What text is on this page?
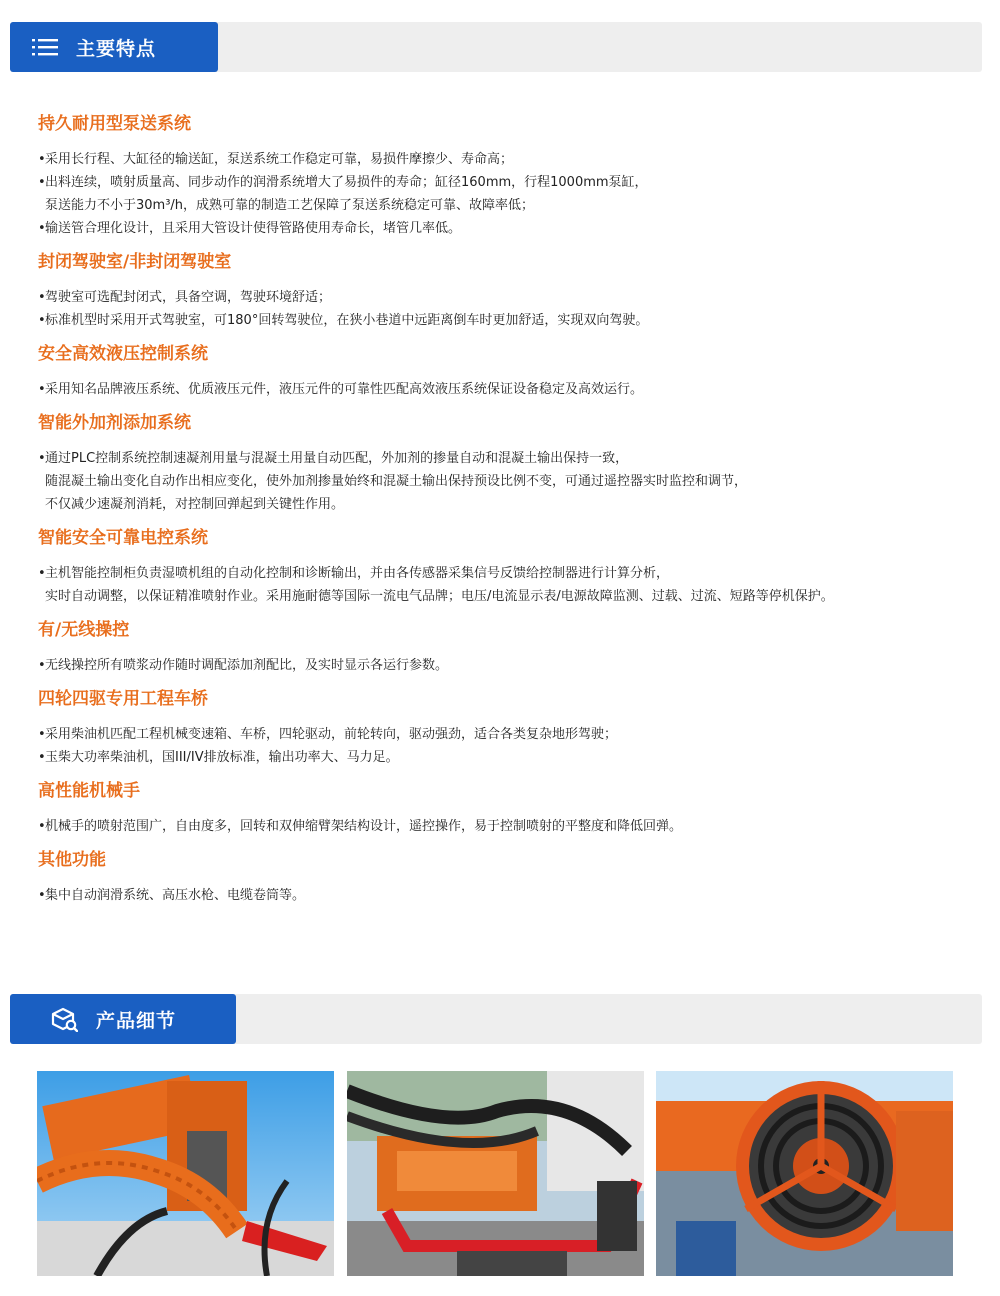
主要特点
持久耐用型泵送系统
• 采用长行程、大缸径的输送缸，泵送系统工作稳定可靠，易损件摩擦少、寿命高；
• 出料连续，喷射质量高、同步动作的润滑系统增大了易损件的寿命；缸径160mm，行程1000mm泵缸，
泵送能力不小于30m³/h，成熟可靠的制造工艺保障了泵送系统稳定可靠、故障率低；
• 输送管合理化设计，且采用大管设计使得管路使用寿命长，堵管几率低。
封闭驾驶室/非封闭驾驶室
• 驾驶室可选配封闭式，具备空调，驾驶环境舒适；
• 标准机型时采用开式驾驶室，可180°回转驾驶位，在狭小巷道中远距离倒车时更加舒适，实现双向驾驶。
安全高效液压控制系统
• 采用知名品牌液压系统、优质液压元件，液压元件的可靠性匹配高效液压系统保证设备稳定及高效运行。
智能外加剂添加系统
• 通过PLC控制系统控制速凝剂用量与混凝土用量自动匹配，外加剂的掺量自动和混凝土输出保持一致，
随混凝土输出变化自动作出相应变化，使外加剂掺量始终和混凝土输出保持预设比例不变，可通过遥控器实时监控和调节，
不仅减少速凝剂消耗，对控制回弹起到关键性作用。
智能安全可靠电控系统
• 主机智能控制柜负责湿喷机组的自动化控制和诊断输出，并由各传感器采集信号反馈给控制器进行计算分析，
实时自动调整，以保证精准喷射作业。采用施耐德等国际一流电气品牌；电压/电流显示表/电源故障监测、过载、过流、短路等停机保护。
有/无线操控
• 无线操控所有喷浆动作随时调配添加剂配比，及实时显示各运行参数。
四轮四驱专用工程车桥
• 采用柴油机匹配工程机械变速箱、车桥，四轮驱动，前轮转向，驱动强劲，适合各类复杂地形驾驶；
• 玉柴大功率柴油机，国III/IV排放标准，输出功率大、马力足。
高性能机械手
• 机械手的喷射范围广，自由度多，回转和双伸缩臂架结构设计，遥控操作，易于控制喷射的平整度和降低回弹。
其他功能
• 集中自动润滑系统、高压水枪、电缆卷筒等。
产品细节
